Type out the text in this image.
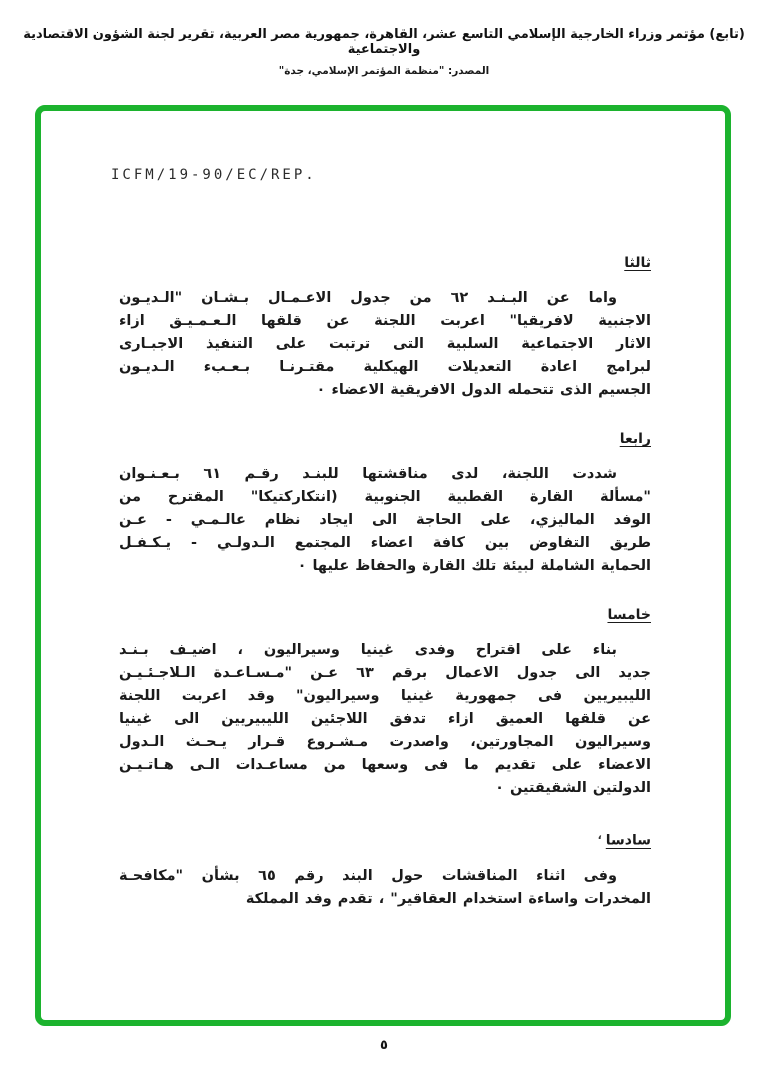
(تابع) مؤتمر وزراء الخارجية الإسلامي التاسع عشر، القاهرة، جمهورية مصر العربية، تقرير لجنة الشؤون الاقتصادية والاجتماعية
المصدر: "منظمة المؤتمر الإسلامي، جدة"
ICFM/19-90/EC/REP.
ثالثا
واما عن البـنـد ٦٢ من جدول الاعـمـال بـشـان "الـديـون
الاجنبية لافريقيا" اعربت اللجنة عن قلقها الـعـمـيـق ازاء
الاثار الاجتماعية السلبية التى ترتبت على التنفيذ الاجبـارى
لبرامج اعادة التعديلات الهيكلية مقتـرنـا بـعـبء الـديـون
الجسيم الذى تتحمله الدول الافريقية الاعضاء ٠
رابعا
شددت اللجنة، لدى مناقشتها للبنـد رقـم ٦١ بـعـنـوان
"مسألة القارة القطبية الجنوبية (انتكاركتيكا" المقترح من
الوفد الماليزي، على الحاجة الى ايجاد نظام عالـمـي - عـن
طريق التفاوض بين كافة اعضاء المجتمع الـدولـي - يـكـفـل
الحماية الشاملة لبيئة تلك القارة والحفاظ عليها ٠
خامسا
بناء على اقتراح وفدى غينيا وسيراليون ، اضيـف بـنـد
جديد الى جدول الاعمال برقم ٦٣ عـن "مـسـاعـدة الـلاجـئـيـن
الليبيريين فى جمهورية غينيا وسيراليون" وقد اعربت اللجنة
عن قلقها العميق ازاء تدفق اللاجئين الليبيريين الى غينيا
وسيراليون المجاورتين، واصدرت مـشـروع قـرار يـحـث الـدول
الاعضاء على تقديم ما فى وسعها من مساعـدات الـى هـاتـيـن
الدولتين الشقيقتين ٠
سادسا،
وفى اثناء المناقشات حول البند رقم ٦٥ بشأن "مكافحـة
المخدرات واساءة استخدام العقاقير" ، تقدم وفد المملكة
٥
